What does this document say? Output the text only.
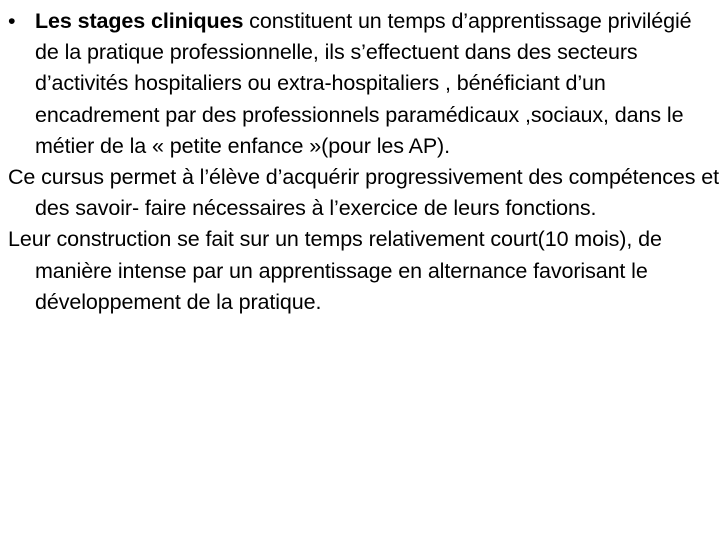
• Les stages cliniques constituent un temps d’apprentissage privilégié de la pratique professionnelle, ils s’effectuent dans des secteurs d’activités hospitaliers ou extra-hospitaliers , bénéficiant d’un encadrement par des professionnels paramédicaux ,sociaux, dans le métier de la « petite enfance »(pour les AP).

Ce cursus permet à l’élève d’acquérir progressivement des compétences et des savoir- faire nécessaires à l’exercice de leurs fonctions.

Leur construction se fait sur un temps relativement court(10 mois), de manière intense par un apprentissage en alternance favorisant le développement de la pratique.
